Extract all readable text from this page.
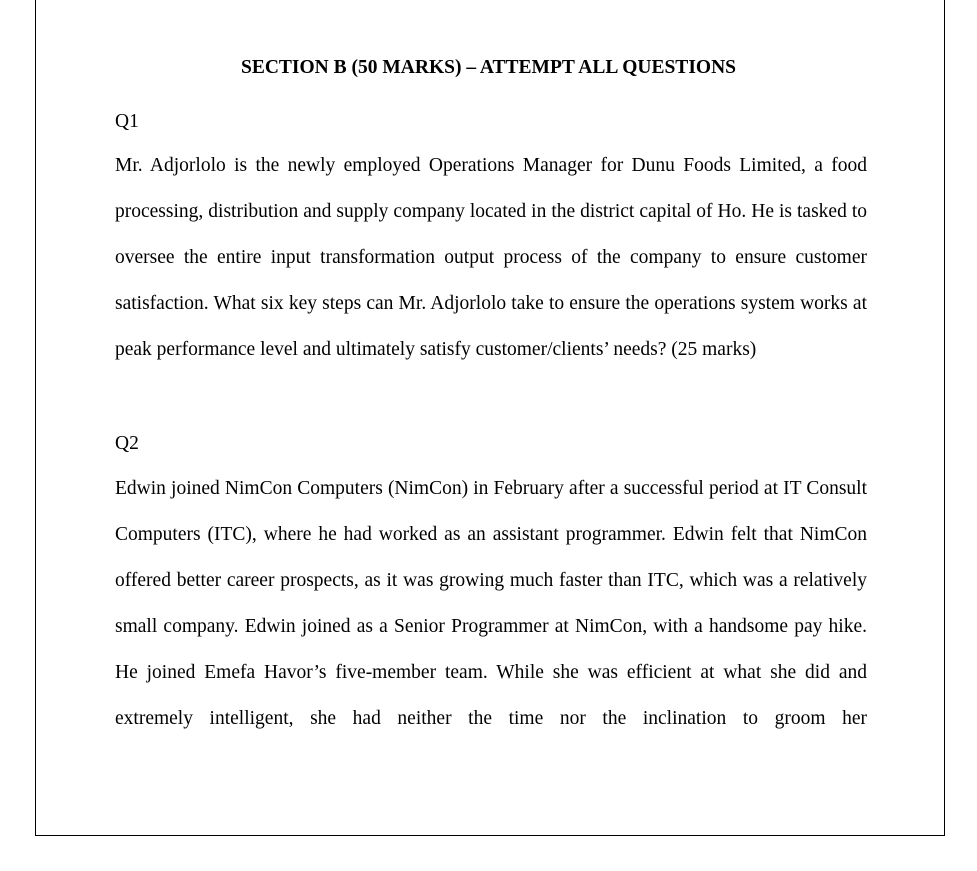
SECTION B (50 MARKS) – ATTEMPT ALL QUESTIONS
Q1
Mr. Adjorlolo is the newly employed Operations Manager for Dunu Foods Limited, a food processing, distribution and supply company located in the district capital of Ho. He is tasked to oversee the entire input transformation output process of the company to ensure customer satisfaction. What six key steps can Mr. Adjorlolo take to ensure the operations system works at peak performance level and ultimately satisfy customer/clients’ needs? (25 marks)
Q2
Edwin joined NimCon Computers (NimCon) in February after a successful period at IT Consult Computers (ITC), where he had worked as an assistant programmer. Edwin felt that NimCon offered better career prospects, as it was growing much faster than ITC, which was a relatively small company. Edwin joined as a Senior Programmer at NimCon, with a handsome pay hike. He joined Emefa Havor’s five-member team. While she was efficient at what she did and extremely intelligent, she had neither the time nor the inclination to groom her
